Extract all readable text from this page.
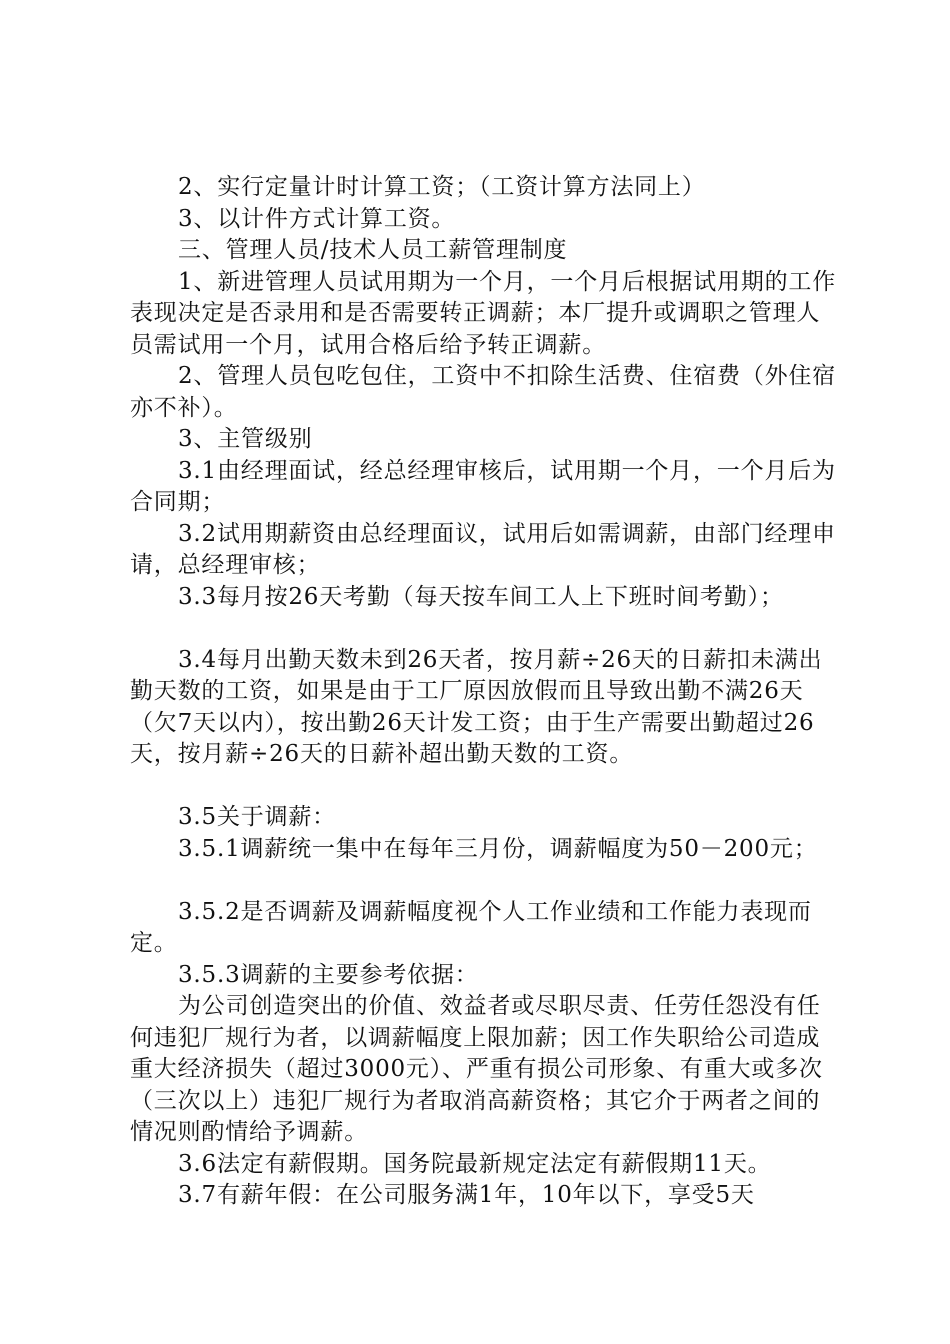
2、实行定量计时计算工资；（工资计算方法同上）

3、以计件方式计算工资。

三、管理人员/技术人员工薪管理制度

1、新进管理人员试用期为一个月，一个月后根据试用期的工作表现决定是否录用和是否需要转正调薪；本厂提升或调职之管理人员需试用一个月，试用合格后给予转正调薪。

2、管理人员包吃包住，工资中不扣除生活费、住宿费（外住宿亦不补）。

3、主管级别

3.1由经理面试，经总经理审核后，试用期一个月，一个月后为合同期；

3.2试用期薪资由总经理面议，试用后如需调薪，由部门经理申请，总经理审核；

3.3每月按26天考勤（每天按车间工人上下班时间考勤）；

3.4每月出勤天数未到26天者，按月薪÷26天的日薪扣未满出勤天数的工资，如果是由于工厂原因放假而且导致出勤不满26天（欠7天以内），按出勤26天计发工资；由于生产需要出勤超过26天，按月薪÷26天的日薪补超出勤天数的工资。

3.5关于调薪：

3.5.1调薪统一集中在每年三月份，调薪幅度为50－200元；

3.5.2是否调薪及调薪幅度视个人工作业绩和工作能力表现而定。

3.5.3调薪的主要参考依据：

为公司创造突出的价值、效益者或尽职尽责、任劳任怨没有任何违犯厂规行为者，以调薪幅度上限加薪；因工作失职给公司造成重大经济损失（超过3000元）、严重有损公司形象、有重大或多次（三次以上）违犯厂规行为者取消高薪资格；其它介于两者之间的情况则酌情给予调薪。

3.6法定有薪假期。国务院最新规定法定有薪假期11天。

3.7有薪年假：在公司服务满1年，10年以下，享受5天
